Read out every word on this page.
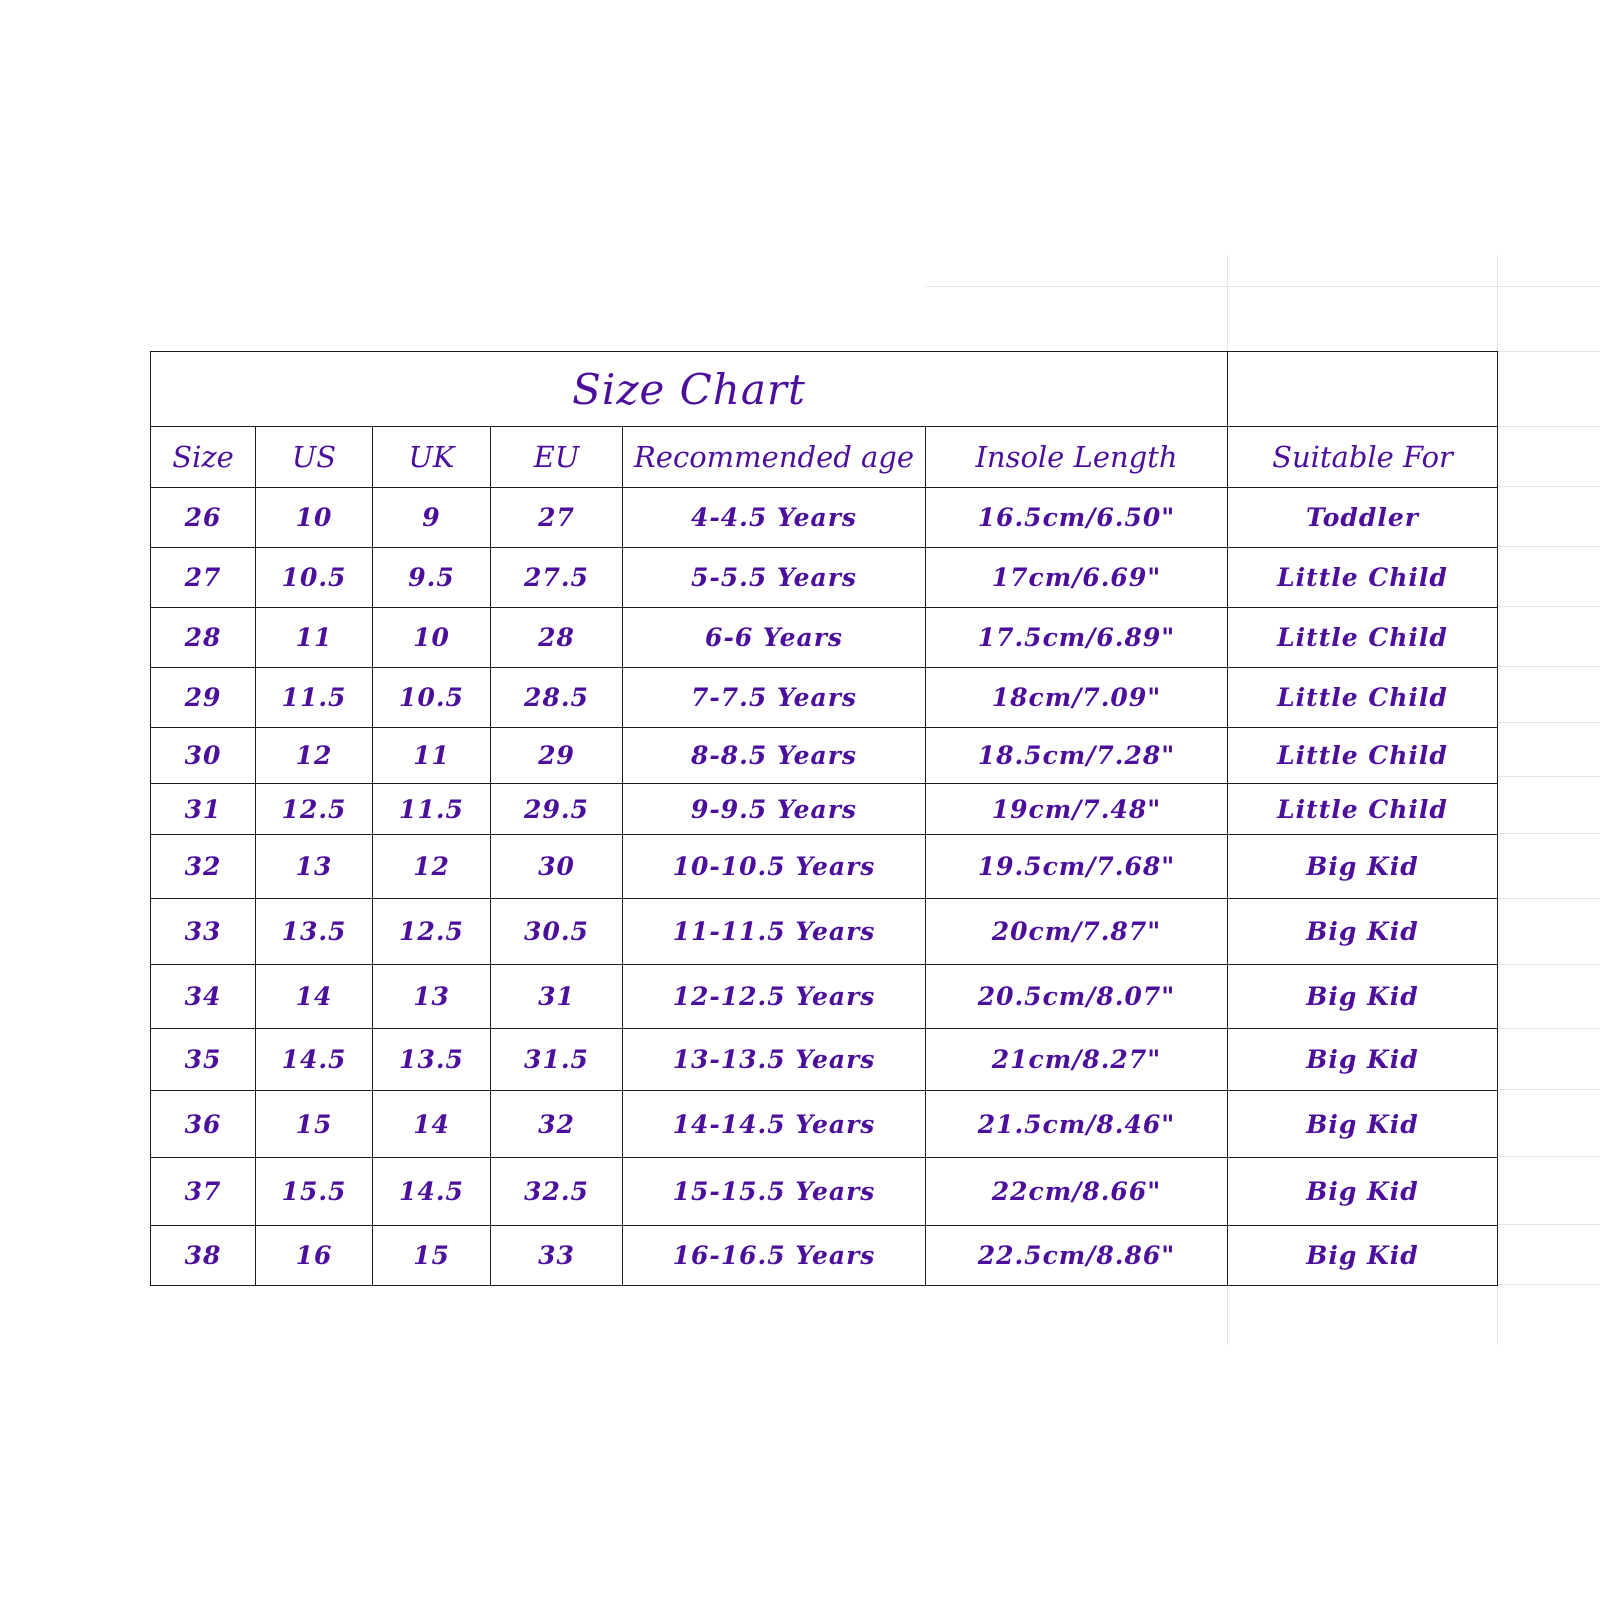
Size Chart						
Size	US	UK	EU	Recommended age	Insole Length	Suitable For
26	10	9	27	4-4.5 Years	16.5cm/6.50"	Toddler
27	10.5	9.5	27.5	5-5.5 Years	17cm/6.69"	Little Child
28	11	10	28	6-6 Years	17.5cm/6.89"	Little Child
29	11.5	10.5	28.5	7-7.5 Years	18cm/7.09"	Little Child
30	12	11	29	8-8.5 Years	18.5cm/7.28"	Little Child
31	12.5	11.5	29.5	9-9.5 Years	19cm/7.48"	Little Child
32	13	12	30	10-10.5 Years	19.5cm/7.68"	Big Kid
33	13.5	12.5	30.5	11-11.5 Years	20cm/7.87"	Big Kid
34	14	13	31	12-12.5 Years	20.5cm/8.07"	Big Kid
35	14.5	13.5	31.5	13-13.5 Years	21cm/8.27"	Big Kid
36	15	14	32	14-14.5 Years	21.5cm/8.46"	Big Kid
37	15.5	14.5	32.5	15-15.5 Years	22cm/8.66"	Big Kid
38	16	15	33	16-16.5 Years	22.5cm/8.86"	Big Kid
